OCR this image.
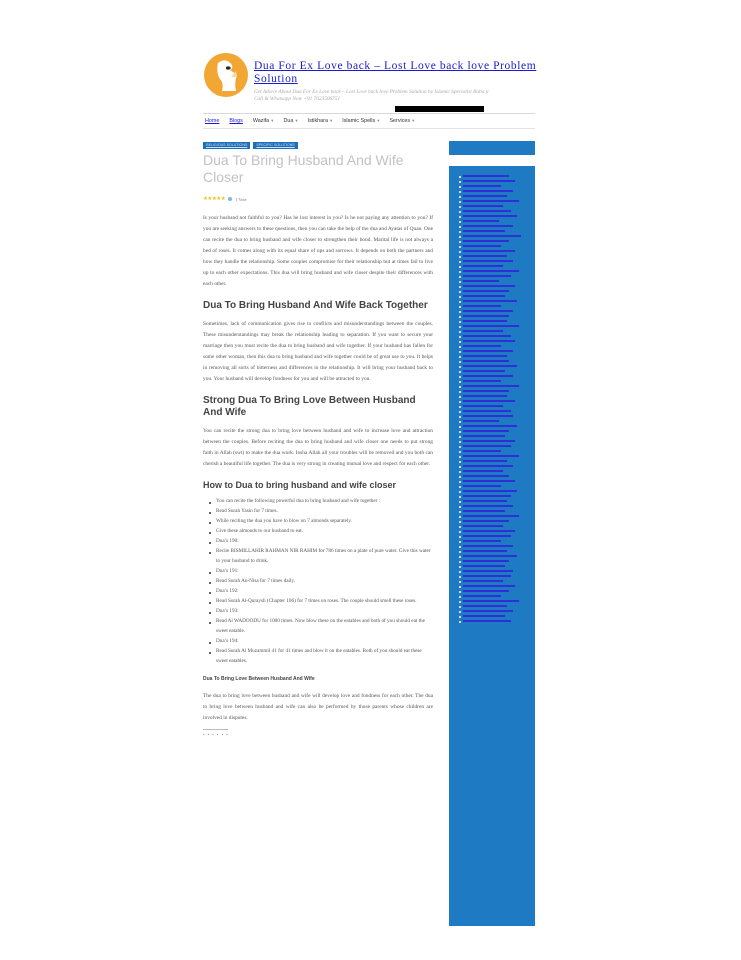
Dua For Ex Love back – Lost Love back love Problem Solution
Get Advice About Dua For Ex Love back – Lost Love back love Problem Solution by Islamic Specialist Baba ji Call & Whatsapp Now +91 7023506751
Home Blogs Wazifa ▾ Dua ▾ Istikhara ▾ Islamic Spells ▾ Services ▾
RELIGIOUS SOLUTIONS	SPECIFIC SOLUTIONS
Dua To Bring Husband And Wife Closer
★★★★★ 1 Vote

Is your husband not faithful to you? Has he lost interest in you? Is he not paying any attention to you? If you are seeking answers to these questions, then you can take the help of the dua and Ayatas of Quan. One can recite the dua to bring husband and wife closer to strengthen their bond. Marital life is not always a bed of roses. It comes along with its equal share of ups and sorrows. It depends on both the partners and how they handle the relationship. Some couples compromise for their relationship but at times fail to live up to each other expectations. This dua will bring husband and wife closer despite their differences with each other.

Dua To Bring Husband And Wife Back Together

Sometimes, lack of communication gives rise to conflicts and misunderstandings between the couples. These misunderstandings may break the relationship leading to separation. If you want to secure your marriage then you must recite the dua to bring husband and wife together. If your husband has fallen for some other woman, then this dua to bring husband and wife together could be of great use to you. It helps in removing all sorts of bitterness and differences in the relationship. It will bring your husband back to you. Your husband will develop fondness for you and will be attracted to you.

Strong Dua To Bring Love Between Husband And Wife

You can recite the strong dua to bring love between husband and wife to increase love and attraction between the couples. Before reciting the dua to bring husband and wife closer one needs to put strong faith in Allah (swt) to make the dua work. Insha Allah all your troubles will be removed and you both can cherish a beautiful life together. The dua is very strong in creating mutual love and respect for each other.

How to Dua to bring husband and wife closer
You can recite the following powerful dua to bring husband and wife together :
Read Surah Yasin for 7 times.
While reciting the dua you have to blow on 7 almonds separately.
Give these almonds to our husband to eat.
Dua’s 190:
Recite BISMILLAHIR RAHMAN NIR RAHIM for 786 times on a plate of pure water. Give this water to your husband to drink.
Dua’s 191:
Read Surah An-Nisa for 7 times daily.
Dua’s 192:
Read Surah Al-Quraysh (Chapter 106) for 7 times on roses. The couple should smell these roses.
Dua’s 193:
Read Al WADOODU for 1000 times. Now blow these on the eatables and both of you should eat the sweet eatable.
Dua’s 194:
Read Surah Al Muzammil 41 for 41 times and blow it on the eatables. Both of you should eat these sweet eatables.
Dua To Bring Love Between Husband And Wife

The dua to bring love between husband and wife will develop love and fondness for each other. The dua to bring love between husband and wife can also be performed by those parents whose children are involved in disputes.

• • • • • •
